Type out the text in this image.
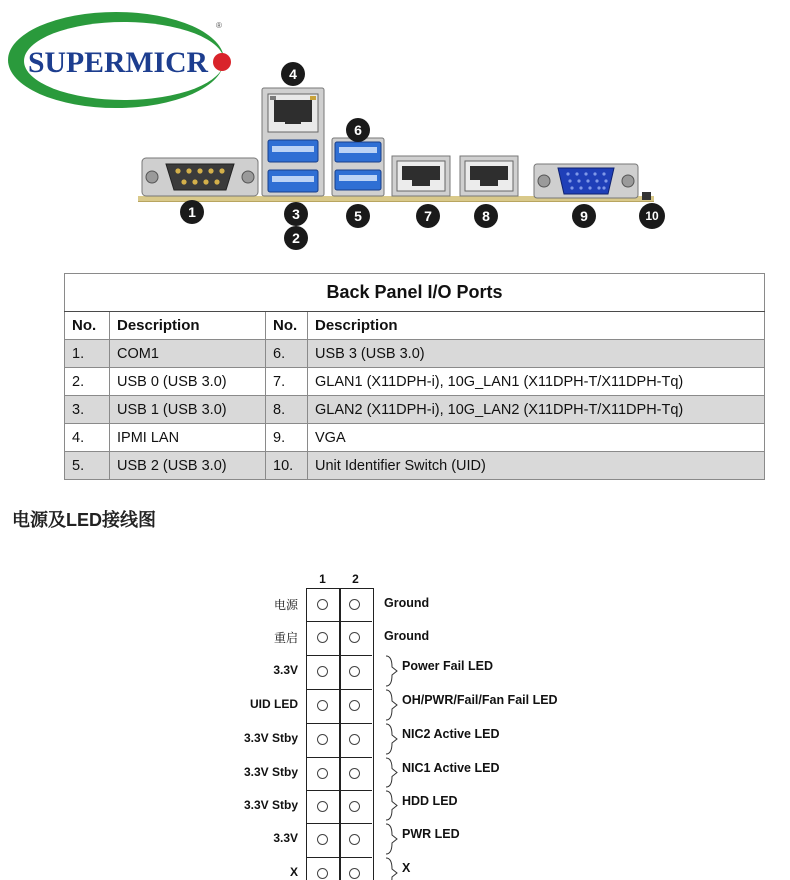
SUPERMICR
®
1
2
3
4
5
6
7	8	9	10
Back Panel I/O Ports			
No.	Description	No.	Description
1.	COM1	6.	USB 3 (USB 3.0)
2.	USB 0 (USB 3.0)	7.	GLAN1 (X11DPH-i), 10G_LAN1 (X11DPH-T/X11DPH-Tq)
3.	USB 1 (USB 3.0)	8.	GLAN2 (X11DPH-i), 10G_LAN2 (X11DPH-T/X11DPH-Tq)
4.	IPMI LAN	9.	VGA
5.	USB 2 (USB 3.0)	10.	Unit Identifier Switch (UID)
电源及LED接线图
1	2
电源	Ground
重启	Ground
3.3V	Power Fail LED
UID LED	OH/PWR/Fail/Fan Fail LED
3.3V Stby	NIC2 Active LED
3.3V Stby	NIC1 Active LED
3.3V Stby	HDD LED
3.3V	PWR LED
X	X
